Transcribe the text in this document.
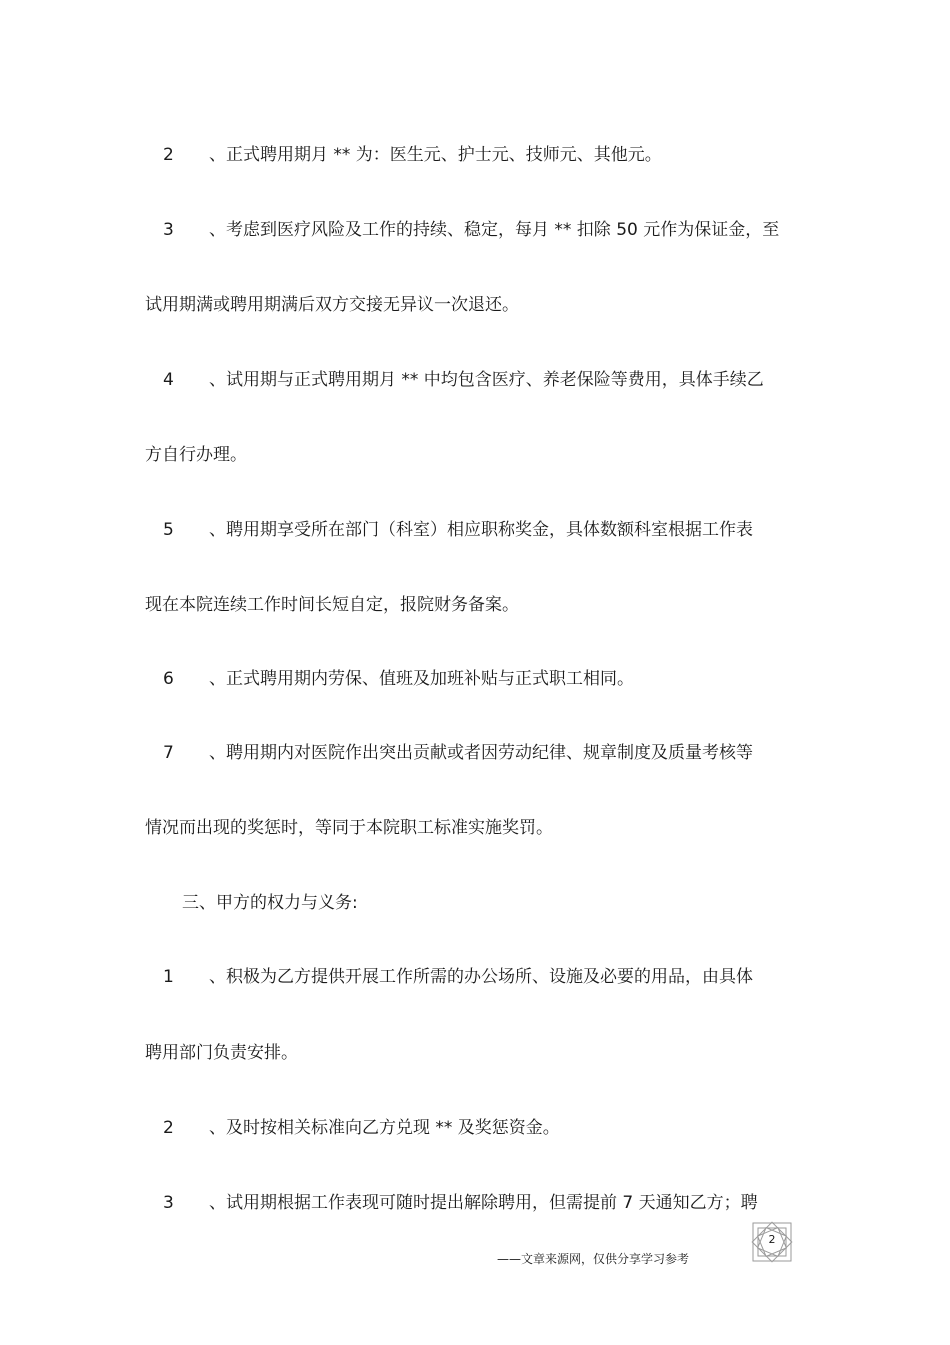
2 、正式聘用期月 ** 为：医生元、护士元、技师元、其他元。
3 、考虑到医疗风险及工作的持续、稳定，每月 ** 扣除 50 元作为保证金，至
试用期满或聘用期满后双方交接无异议一次退还。
4 、试用期与正式聘用期月 ** 中均包含医疗、养老保险等费用，具体手续乙
方自行办理。
5 、聘用期享受所在部门（科室）相应职称奖金，具体数额科室根据工作表
现在本院连续工作时间长短自定，报院财务备案。
6 、正式聘用期内劳保、值班及加班补贴与正式职工相同。
7 、聘用期内对医院作出突出贡献或者因劳动纪律、规章制度及质量考核等
情况而出现的奖惩时，等同于本院职工标准实施奖罚。
三、甲方的权力与义务:
1 、积极为乙方提供开展工作所需的办公场所、设施及必要的用品，由具体
聘用部门负责安排。
2 、及时按相关标准向乙方兑现 ** 及奖惩资金。
3 、试用期根据工作表现可随时提出解除聘用，但需提前 7 天通知乙方；聘
2
——文章来源网，仅供分享学习参考
